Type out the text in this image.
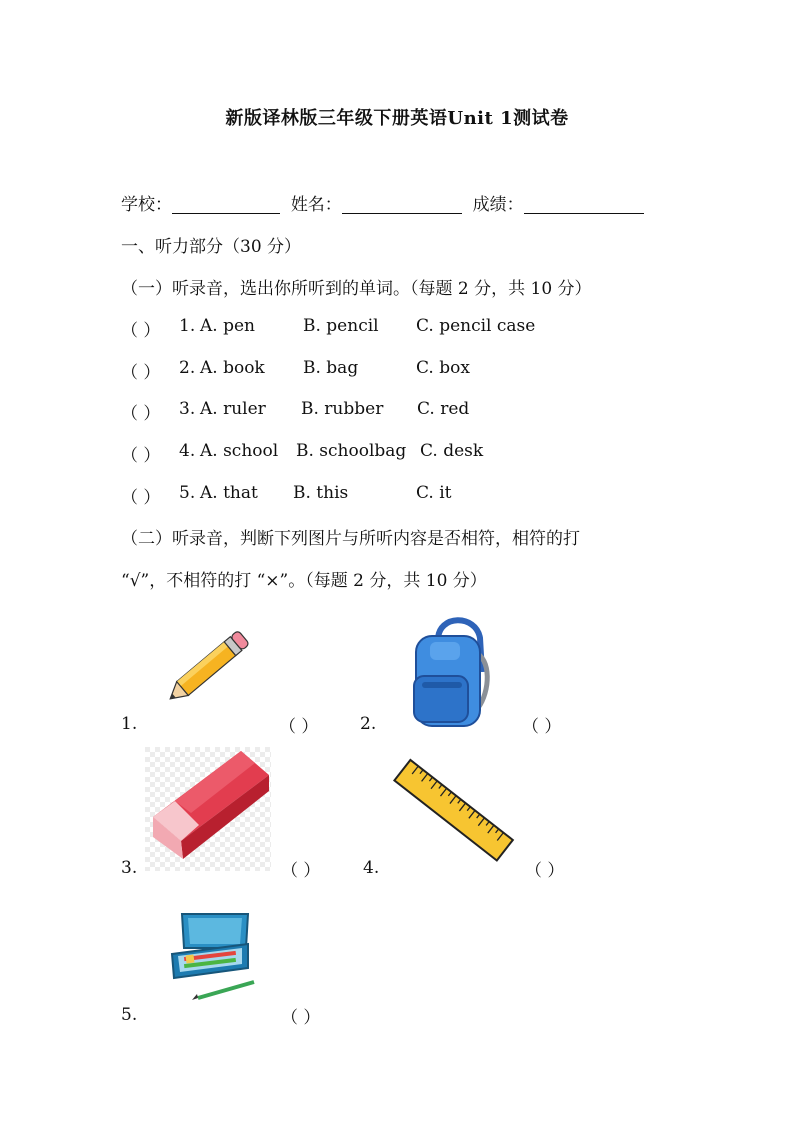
新版译林版三年级下册英语Unit 1测试卷
学校：	姓名：	成绩：
一、听力部分（30 分）
（一）听录音，选出你所听到的单词。（每题 2 分，共 10 分）
（ ） 1. A. pen	B. pencil C. pencil case
（ ） 2. A. book B. bag	C. box
（ ） 3. A. ruler B. rubber C. red
（ ） 4. A. school B. schoolbag C. desk
（ ） 5. A. that B. this	C. it
（二）听录音，判断下列图片与所听内容是否相符，相符的打
“√”，不相符的打 “×”。（每题 2 分，共 10 分）
1.	（ ） 2.	（ ）
3.	（ ）	4.	（ ）
5.	（ ）
